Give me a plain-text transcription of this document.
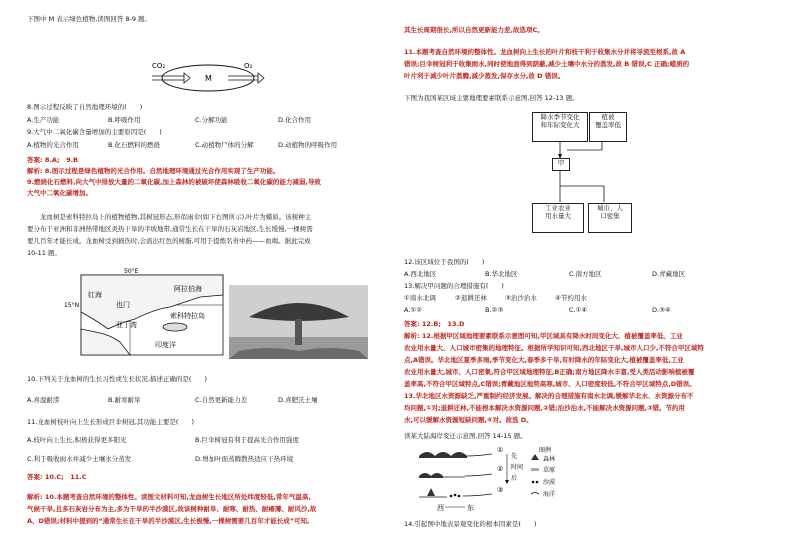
下图中 M 表示绿色植物,读图回答 8-9 题。
CO₂
M
O₂
8.图示过程反映了自然地理环境的(　　)
A.生产功能	B.呼吸作用	C.分解功能	D.化合作用
9.大气中二氧化碳含量增加的主要原因是(　　)
A.植物的光合作用	B.化石燃料的燃烧	C.动植物尸体的分解	D.动植物的呼吸作用
答案: 8.A;　9.B
解析: 8.图示过程是绿色植物的光合作用。自然地理环境通过光合作用实现了生产功能。
9.燃烧化石燃料,向大气中排放大量的二氧化碳,加上森林的被破坏使森林吸收二氧化碳的能力减弱,导致
大气中二氧化碳增加。
　　龙血树是索科特拉岛上的植物植物,其树冠形态,形似雨伞(如下右图所示),叶片为蜡质。该树种主
要分布于亚洲和非洲热带地区炎热干旱的半坡地带,通常生长在干旱的石灰岩地区,生长缓慢,一棵树需
要几百年才能长成。龙血树受到损伤时,会流出红色的树脂,可用于提炼名贵中药——血竭。据此完成
10-11 题。
50°E
15°N
红海
阿拉伯海
也门
亚丁湾
索科特拉岛
印度洋
10.下列关于龙血树的生长习性或生长状况,描述正确的是(　　)
A.喜湿耐涝	B.耐寒耐旱	C.自然更新能力差	D.喜肥沃土壤
11.龙血树枝叶向上生长形成巨伞树冠,其功能主要是(　　)
A.枝叶向上生长,积极获得更多阳光	B.巨伞树冠有利于提高光合作用强度
C.利于吸收雨水并减少土壤水分蒸发	D.增加叶面蒸腾散热适应干热环境
答案: 10.C;　11.C
解析: 10.本题考查自然环境的整体性。读图文材料可知,龙血树生长地区所处纬度较低,常年气温高,
气候干旱,且多石灰岩分布为主,多为干旱的半沙漠区,故该树种耐旱、耐寒、耐热、耐瘠薄、耐风沙,故
A、D错误;材料中提到的“通常生长在干旱的半沙漠区,生长极慢,一棵树需要几百年才能长成”可知,
其生长周期很长,所以自然更新能力差,故选项C。
11.本题考查自然环境的整体性。龙血树向上生长的叶片和枝干利于收集水分并将导流至根系,故 A
错误;巨伞树冠利于收集雨水,同时使地面得到荫蔽,减少土壤中水分的蒸发,故 B 错误,C 正确;蜡质的
叶片利于减少叶片蒸腾,减少蒸发,保存水分,故 D 错误。
下图为我国某区域主要地理要素联系示意图,回答 12-13 题。
降水季节变化
和年际变化大
植被
覆盖率低
甲
工业农业
用水量大
城市、人
口密集
12.该区域位于我国的(　　)
A.西北地区	B.华北地区	C.南方地区	D.青藏地区
13.解决甲问题的合理措施有(　　)
①南水北调	②退耕还林	③治沙治水	④节约用水
A.①②	B.②③	C.①④	D.③④
答案: 12.B;　13.D
解析: 12.根据甲区域地理要素联系示意图可知,甲区域具有降水时间变化大、植被覆盖率低、工业
农业用水量大、人口城市密集的地理特征。根据所学知识可知,西北地区干旱,城市人口少,不符合甲区域特
点,A错误。华北地区夏季多雨,季节变化大,春季多干旱,有时降水的年际变化大,植被覆盖率低,工业
农业用水量大,城市、人口密集,符合甲区域地理特征,B正确;南方地区降水丰富,受人类活动影响植被覆
盖率高,不符合甲区域特点,C错误;青藏地区地势高寒,城市、人口密度较低,不符合甲区域特点,D错误。
13.华北地区水资源缺乏,严重制约经济发展。解决的合理措施有南水北调,缓解华北水、水资源分布不
均问题,①对;退耕还林,不能根本解决水资源问题,②错;治沙治水,不能解决水资源问题,③错。节约用
水,可以缓解水资源短缺问题,④对。故选 D。
读某大陆海岸变迁示意图,回答 14-15 题。
①
②
③
先
时间
后
西	东
图例
森林
草原
沙漠
海洋
14.引起图中地表景观变化的根本因素是(　　)
